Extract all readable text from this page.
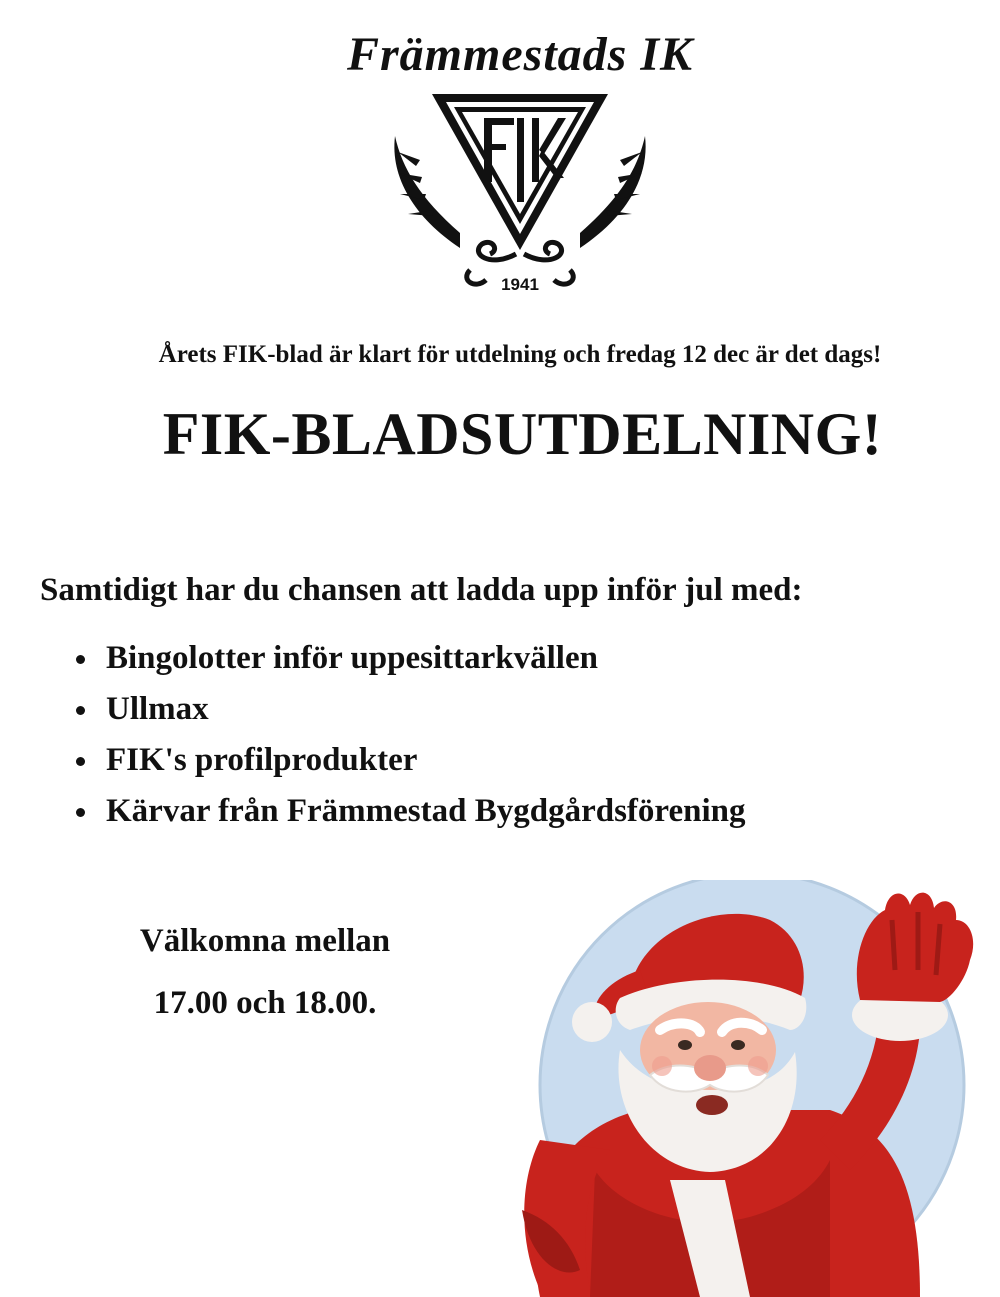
Främmestads IK
1941
Årets FIK-blad är klart för utdelning och fredag 12 dec är det dags!
FIK-BLADSUTDELNING!
Samtidigt har du chansen att ladda upp inför jul med:
Bingolotter inför uppesittarkvällen
Ullmax
FIK's profilprodukter
Kärvar från Främmestad Bygdgårdsförening
Välkomna mellan
17.00 och 18.00.
